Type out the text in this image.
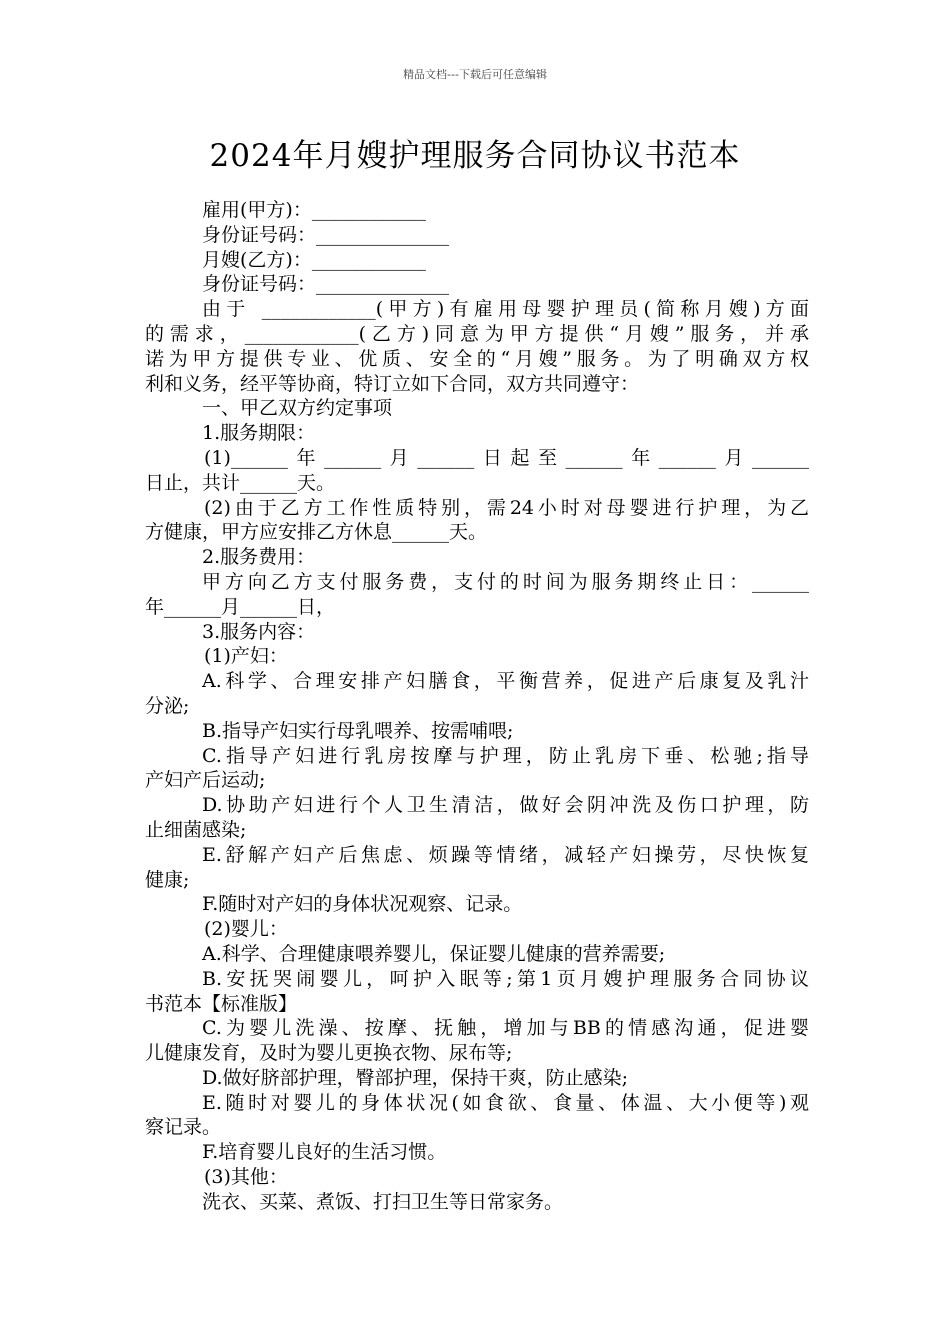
精品文档---下载后可任意编辑
2024年月嫂护理服务合同协议书范本
雇用(甲方)：____________
身份证号码：______________
月嫂(乙方)：____________
身份证号码：______________
由于 ____________(甲方)有雇用母婴护理员(简称月嫂)方面
的需求，____________(乙方)同意为甲方提供“月嫂”服务，并承
诺为甲方提供专业、优质、安全的“月嫂”服务。为了明确双方权
利和义务，经平等协商，特订立如下合同，双方共同遵守：
一、甲乙双方约定事项
1.服务期限：
(1)______年______月______日起至______年______月______
日止，共计______天。
(2)由于乙方工作性质特别，需24小时对母婴进行护理，为乙
方健康，甲方应安排乙方休息______天。
2.服务费用：
甲方向乙方支付服务费，支付的时间为服务期终止日：______
年______月______日，
3.服务内容：
(1)产妇：
A.科学、合理安排产妇膳食，平衡营养，促进产后康复及乳汁
分泌;
B.指导产妇实行母乳喂养、按需哺喂;
C.指导产妇进行乳房按摩与护理，防止乳房下垂、松驰;指导
产妇产后运动;
D.协助产妇进行个人卫生清洁，做好会阴冲洗及伤口护理，防
止细菌感染;
E.舒解产妇产后焦虑、烦躁等情绪，减轻产妇操劳，尽快恢复
健康;
F.随时对产妇的身体状况观察、记录。
(2)婴儿：
A.科学、合理健康喂养婴儿，保证婴儿健康的营养需要;
B.安抚哭闹婴儿，呵护入眠等;第1页月嫂护理服务合同协议
书范本【标准版】
C.为婴儿洗澡、按摩、抚触，增加与BB的情感沟通，促进婴
儿健康发育，及时为婴儿更换衣物、尿布等;
D.做好脐部护理，臀部护理，保持干爽，防止感染;
E.随时对婴儿的身体状况(如食欲、食量、体温、大小便等)观
察记录。
F.培育婴儿良好的生活习惯。
(3)其他：
洗衣、买菜、煮饭、打扫卫生等日常家务。
